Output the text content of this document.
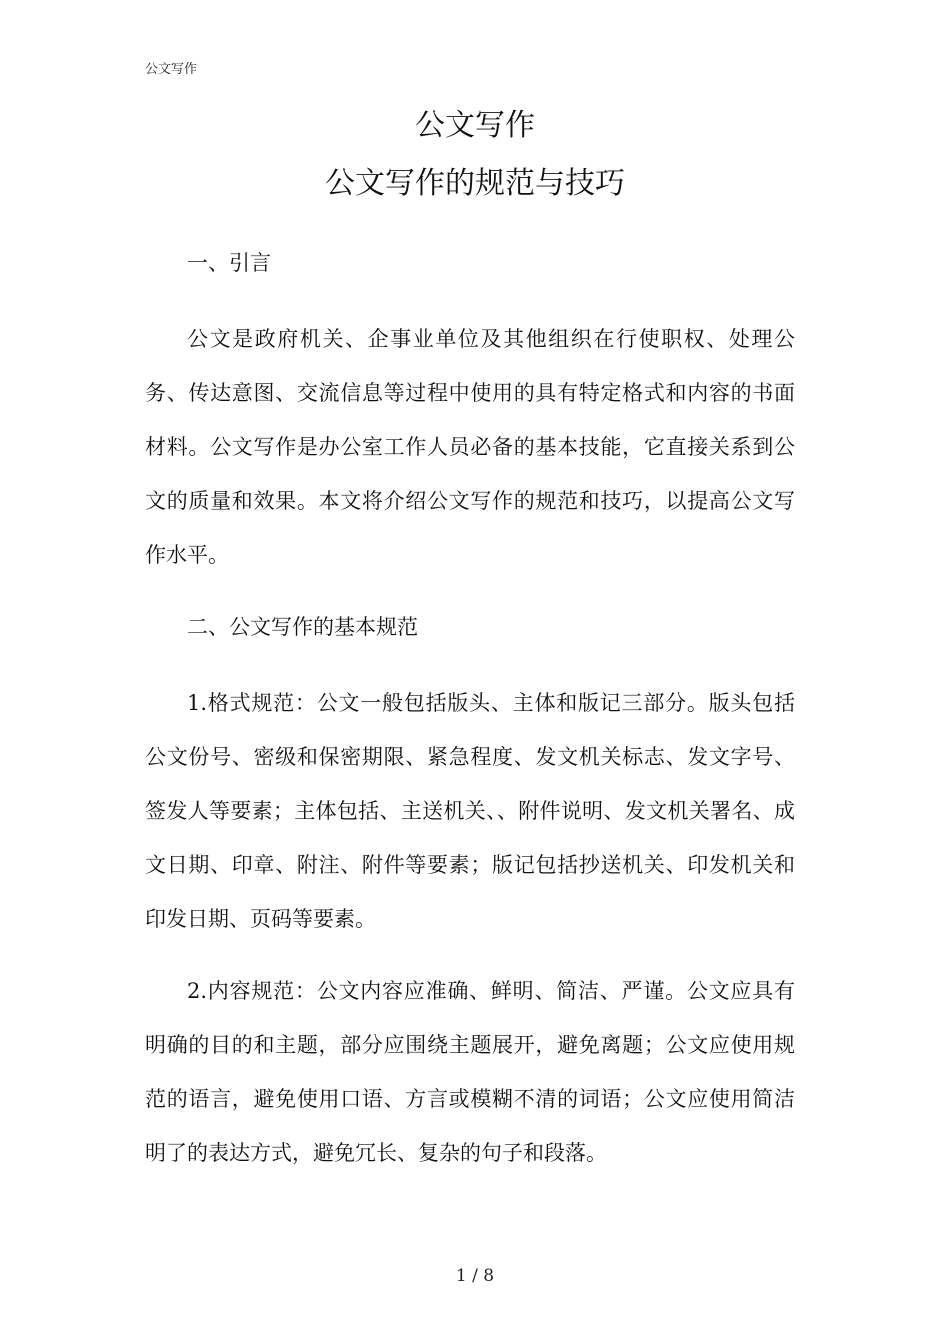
公文写作
公文写作
公文写作的规范与技巧

一、引言

公文是政府机关、企事业单位及其他组织在行使职权、处理公务、传达意图、交流信息等过程中使用的具有特定格式和内容的书面材料。公文写作是办公室工作人员必备的基本技能，它直接关系到公文的质量和效果。本文将介绍公文写作的规范和技巧，以提高公文写作水平。

二、公文写作的基本规范

1.格式规范：公文一般包括版头、主体和版记三部分。版头包括公文份号、密级和保密期限、紧急程度、发文机关标志、发文字号、签发人等要素；主体包括、主送机关、、附件说明、发文机关署名、成文日期、印章、附注、附件等要素；版记包括抄送机关、印发机关和印发日期、页码等要素。

2.内容规范：公文内容应准确、鲜明、简洁、严谨。公文应具有明确的目的和主题，部分应围绕主题展开，避免离题；公文应使用规范的语言，避免使用口语、方言或模糊不清的词语；公文应使用简洁明了的表达方式，避免冗长、复杂的句子和段落。

1 / 8
